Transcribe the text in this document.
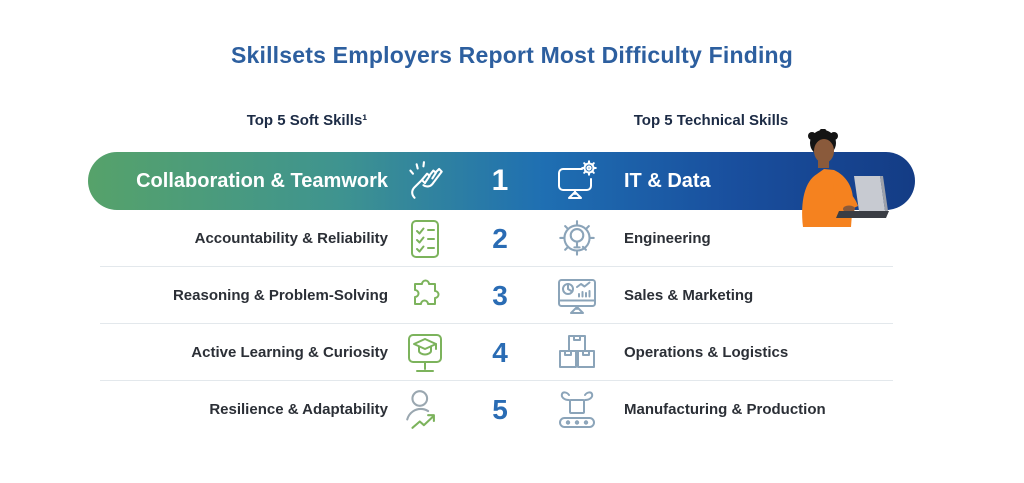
Skillsets Employers Report Most Difficulty Finding
Top 5 Soft Skills¹	Top 5 Technical Skills
Collaboration & Teamwork	1	IT & Data
Accountability & Reliability	2	Engineering
Reasoning & Problem-Solving	3	Sales & Marketing
Active Learning & Curiosity	4	Operations & Logistics
Resilience & Adaptability	5	Manufacturing & Production
